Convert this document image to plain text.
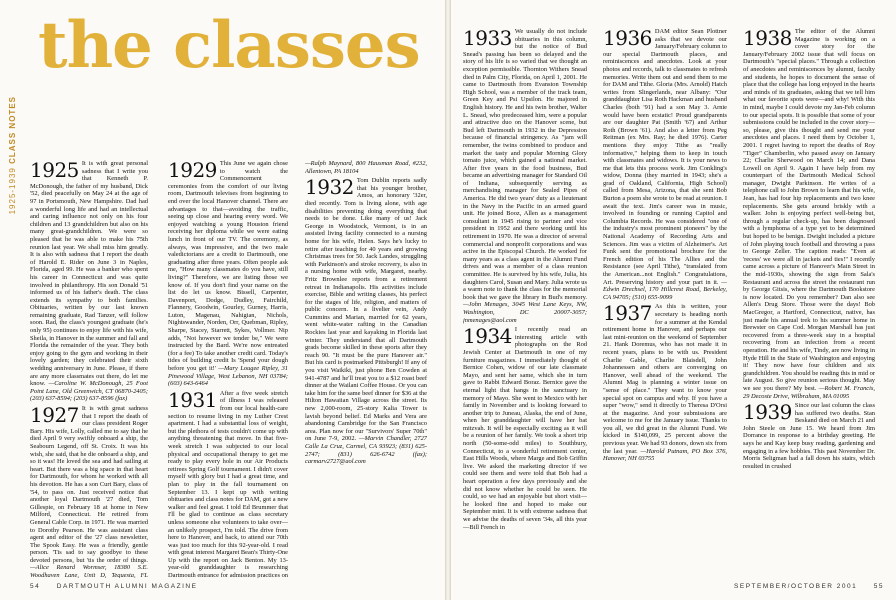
the classes
1925-1939 CLASS NOTES

1925 It is with great personal sadness that I write you that Kenneth P. McDonough, the father of my husband, Dick '52, died peacefully on May 24 at the age of 97 in Portsmouth, New Hampshire. Dad had a wonderful long life and had an intellectual and caring influence not only on his four children and 13 grandchildren but also on his many great-grandchildren. We were so pleased that he was able to make his 75th reunion last year. We shall miss him greatly. It is also with sadness that I report the death of Harold E. Rider on June 3 in Naples, Florida, aged 99. He was a banker who spent his career in Connecticut and was quite involved in philanthropy. His son Donald '51 informed us of his father's death. The class extends its sympathy to both families. Obituaries, written by our last known remaining graduate, Rad Tanzer, will follow soon. Rad, the class's youngest graduate (he's only 95) continues to enjoy life with his wife, Sheila, in Hanover in the summer and fall and Florida the remainder of the year. They both enjoy going to the gym and working in their lovely garden; they celebrated their sixth wedding anniversary in June. Please, if there are any more classmates out there, do let me know. —Caroline W. McDonough, 25 Foot Point Lane, Old Greenwich, CT 06870-2405; (203) 637-8594; (203) 637-8596 (fax)

1927 It is with great sadness that I report the death of our class president Roger Bary. His wife, Lolly, called me to say that he died April 9 very swiftly onboard a ship, the Seabourn Legend, off St. Croix. It was his wish, she said, that he die onboard a ship, and so it was! He loved the sea and had sailing at heart. But there was a big space in that heart for Dartmouth, for whom he worked with all his devotion. He has a son Curt Bary, class of '54, to pass on. Just received notice that another loyal Dartmouth '27 died, Tom Gillespie, on February 18 at home in New Milford, Connecticut. He retired from General Cable Corp. in 1971. He was married to Dorothy Pearson. He was assistant class agent and editor of the '27 class newsletter, The Spook Easy. He was a friendly, gentle person. 'Tis sad to say goodbye to these devoted persons, but 'tis the order of things. —Alice Renard Wormser, 18380 S.E. Woodhaven Lane, Unit D, Tequesta, FL

1929 This June we again chose to watch the Commencement ceremonies from the comfort of our living room, Dartmouth televises from beginning to end over the local Hanover channel. There are advantages to that—avoiding the traffic, seeing up close and hearing every word. We enjoyed watching a young Houston friend receiving her diploma while we were eating lunch in front of our TV. The ceremony, as always, was impressive, and the two male valedictorians are a credit to Dartmouth, one graduating after three years. Often people ask me, "How many classmates do you have, still living?" Therefore, we are listing those we know of. If you don't find your name on the list do let us know. Bissell, Carpenter, Davenport, Dodge, Dudley, Fairchild, Flannery, Goodwin, Gourley, Gurney, Harris, Luton, Magenau, Nahigian, Nichols, Nightswander, Norden, Orr, Quebman, Ripley, Sharpe, Stacey, Starrett, Sykes, Vollmer. Nip adds, "Not however we tender be," We were instructed by the Bard. We're now entreated (for a fee) To take another credit card. Today's tides of building credit Is 'Spend your dough before you get it!' —Mary Lougee Ripley, 31 Pinewood Village, West Lebanon, NH 03784; (603) 643-6464

1931 After a five week stretch of illness I was released from our local health-care section to resume living in my Luther Crest apartment. I had a substantial loss of weight, but the plethora of tests couldn't come up with anything threatening that move. In that five-week stretch I was subjected to our local physical and occupational therapy to get me ready to play every hole in our Air Products retirees Spring Golf tournament. I didn't cover myself with glory but I had a great time, and plan to play in the fall tournament on September 13. I kept up with writing obituaries and class notes for DAM, got a new walker and feel great. I told Ed Brummer that I'll be glad to continue as class secretary unless someone else volunteers to take over—an unlikely prospect, I'm told. The drive from here to Hanover, and back, to attend our 70th was just too much for this 92-year-old. I read with great interest Margaret Bean's Thirty-One Up with the report on Jack Benton. My 13-year-old granddaughter is researching Dartmouth entrance for admission practices on

—Ralph Maynard, 800 Hausman Road, #232, Allentown, PA 18104

1932 Tom Dublin reports sadly that his younger brother, Amos, an honorary '32er, died recently. Tom is living alone, with age disabilities preventing doing everything that needs to be done. Like many of us! Jack George in Woodstock, Vermont, is in an assisted living facility connected to a nursing home for his wife, Helen. Says he's lucky to retire after teaching for 40 years and growing Christmas trees for 50. Jack Landes, struggling with Parkinson's and stroke recovery, is also in a nursing home with wife, Margaret, nearby. Fritz Brownlee reports from a retirement retreat in Indianapolis. His activities include exercise, Bible and writing classes, his perfect for the stages of life, religion, and matters of public concern. In a livelier vein, Andy Cummins and Marian, married for 62 years, went white-water rafting in the Canadian Rockies last year and kayaking in Florida last winter. They understand that all Dartmouth grads become skilled in these sports after they reach 90. "It must be the pure Hanover air." But his card is postmarked Pittsburgh! If any of you visit Waikiki, just phone Ben Cowden at 941-4787 and he'll treat you to a $12 roast beef dinner at the Wailani Coffee House. Or you can take him for the same beef dinner for $36 at the Hilton Hawaiian Village across the street. Its new 2,000-room, 25-story Kalia Tower is lavish beyond belief. Ed Marks and Vera are abandoning Cambridge for the San Francisco area. Plan now for our "Survivors' Super 70th" on June 7-9, 2002. —Marvin Chandler, 2727 Calle La Cruz, Carmel, CA 93923; (831) 625-2747; (831) 626-6742 (fax); carmarv2727@aol.com

54	DARTMOUTH ALUMNI MAGAZINE

1933 We usually do not include obituaries in this column, but the notice of Bud Snead's passing has been so delayed and the story of his life is so varied that we thought an exception permissible. Thornton Withers Snead died in Palm City, Florida, on April 1, 2001. He came to Dartmouth from Evanston Township High School, was a member of the track team, Green Key and Psi Upsilon. He majored in English history. He and his twin brother, Walter L. Snead, who predeceased him, were a popular and attractive duo on the Hanover scene, but Bud left Dartmouth in 1932 in the Depression because of financial stringency. As "jam will remember, the twins combined to produce and market the tasty and popular Morning Glory tomato juice, which gained a national market. After five years in the food business, Bud became an advertising manager for Standard Oil of Indiana, subsequently serving as merchandising manager for Sealed Pipes of America. He did two years' duty as a lieutenant in the Navy in the Pacific in an armed guard unit. He joined Booz, Allen as a management consultant in 1945 rising to partner and vice president in 1952 and there working until his retirement in 1970. He was a director of several commercial and nonprofit corporations and was active in the Episcopal Church. He worked for many years as a class agent in the Alumni Fund drives and was a member of a class reunion committee. He is survived by his wife, Julia, his daughters Carol, Susan and Mary. Julia wrote us a warm note to thank the class for the memorial book that we gave the library in Bud's memory. —John Menages, 3045 West Lane Keys, NW, Washington, DC 20007-3057; jnmenages@aol.com

1934 I recently read an interesting article with photographs on the Rod Jewish Center at Dartmouth in one of my furniture magazines. I immediately thought of Bernice Cohen, widow of our late classmate Mayo, and sent her same, which she in turn gave to Rabbi Edward Boraz. Bernice gave the eternal light that hangs in the sanctuary in memory of Mayo. She went to Mexico with her family in November and is looking forward to another trip to Juneau, Alaska, the end of June, when her granddaughter will have her bat mitzvah. It will be especially exciting as it will be a reunion of her family. We took a short trip north (50-some-odd miles) to Southbury, Connecticut, to a wonderful retirement center, East Hills Woods, where Marge and Bob Griffin live. We asked the marketing director if we could see them and were told that Bob had a heart operation a few days previously and she did not know whether he could be seen. He could, so we had an enjoyable but short visit—he looked fine and hoped to make our September mini. It is with extreme sadness that we advise the deaths of seven '34s, all this year—Bill French in

1936 DAM editor Sean Plottner asks that we devote our January/February column to our special Dartmouth places, and reminiscences and anecdotes. Look at your photos and records, talk to classmates to refresh memories. Write them out and send them to me for DAM and Tithe. Gloria (Mrs. Arnold) Hatch writes from Slingerlands, near Albany: "Our granddaughter Lisa Roth Hackman and husband Charles (both '91) had a son May 3. Arnie would have been ecstatic! Proud grandparents are our daughter Pat (Smith '67) and Arthur Roth (Brown '61). And also a letter from Peg Reitman (ex Mrs. Ray; he died 1976). Carter mentions they enjoy Tithe as "really informative," helping them to keep in touch with classmates and widows. It is your news to me that lets this process work. Jim Conkling's widow, Donna (they married in 1943; she's a grad of Oakland, California, High School) called from Mesa, Arizona, that she sent Bob Burton a poem she wrote to be read at reunion. I await the text. Jim's career was in music, involved in founding or running Capitol and Columbia Records. He was considered "one of the industry's most prominent pioneers" by the National Academy of Recording Arts and Sciences. Jim was a victim of Alzheimer's. Art Funk sent the promotional brochure for the French edition of his The Allies and the Resistance (see April Tithe), "translated from the American...not English." Congratulations, Art. Preserving history and your part in it. —Edwin Drechsel, 170 Hillcrest Road, Berkeley, CA 94705; (510) 655-9099

1937 As this is written, your secretary is heading north for a summer at the Kendal retirement home in Hanover, and perhaps our last mini-reunion on the weekend of September 21. Hank Doremus, who has not made it in recent years, plans to be with us. President Charlie Gable, Charlie Blaisdell, John Johannessen and others are converging on Hanover, well ahead of the weekend. The Alumni Mag is planning a winter issue on "sense of place." They want to know your special spot on campus and why. If you have a super "wow," send it directly to Theresa D'Orsi at the magazine. And your submissions are welcome to me for the January issue. Thanks to you all, we did great in the Alumni Fund. We kicked in $140,099, 25 percent above the previous year. We had 93 donors, down six from the last year. —Harold Putnam, PO Box 376, Hanover, NH 03755

1938 The editor of the Alumni Magazine is working on a cover story for the January/February 2002 issue that will focus on Dartmouth's "special places." Through a collection of anecdotes and reminiscences by alumni, faculty and students, he hopes to document the sense of place that the college has long enjoyed in the hearts and minds of its graduates, asking that we tell him what our favorite spots were—and why! With this in mind, maybe I could devote my Jan-Feb column to our special spots. It is possible that some of your submissions could be included in the cover story—so, please, give this thought and send me your anecdotes and places. I need them by October 1, 2001. I regret having to report the deaths of Roy "Tiger" Chamberlin, who passed away on January 22; Charlie Sherwood on March 14; and Dana Lowell on April 9. Again I have help from my counterpart of the Dartmouth Medical School manager, Dwight Parkinson. He writes of a telephone call to John Brown to learn that his wife, Jean, has had four hip replacements and two knee replacements. She gets around briskly with a walker. John is enjoying perfect well-being but, through a regular check-up, has been diagnosed with a lymphoma of a type yet to be determined but hoped to be benign. Dwight included a picture of John playing touch football and throwing a pass to George Zeller. The caption reads: "Even at 'recess' we were all in jackets and ties!" I recently came across a picture of Hanover's Main Street in the mid-1930s, showing the sign from Sala's Restaurant and across the street the restaurant run by George Gitsis, where the Dartmouth Bookstore is now located. Do you remember? Dan also see Allen's Drug Store. Those were the days! Bob MacGregor, a Hartford, Connecticut, native, has just made his annual trek to his summer home in Brewster on Cape Cod. Morgan Marshall has just recovered from a three-week stay in a hospital recovering from an infection from a recent operation. He and his wife, Tindy, are now living in Hyde Hill in the State of Washington and enjoying it! They now have four children and six grandchildren. You should be reading this in mid or late August. So give reunion serious thought. May we see you there? My best. —Robert M. Francis, 29 Decoste Drive, Wilbraham, MA 01095

1939 Since our last column the class has suffered two deaths. Stan Beskand died on March 21 and John Steele on June 15. We heard from Jim Dorrance in response to a birthday greeting. He says he and Kay keep busy reading, gardening and engaging in a few hobbies. This past November Dr. Morris Seligman had a fall down his stairs, which resulted in crushed

SEPTEMBER/OCTOBER 2001	55
